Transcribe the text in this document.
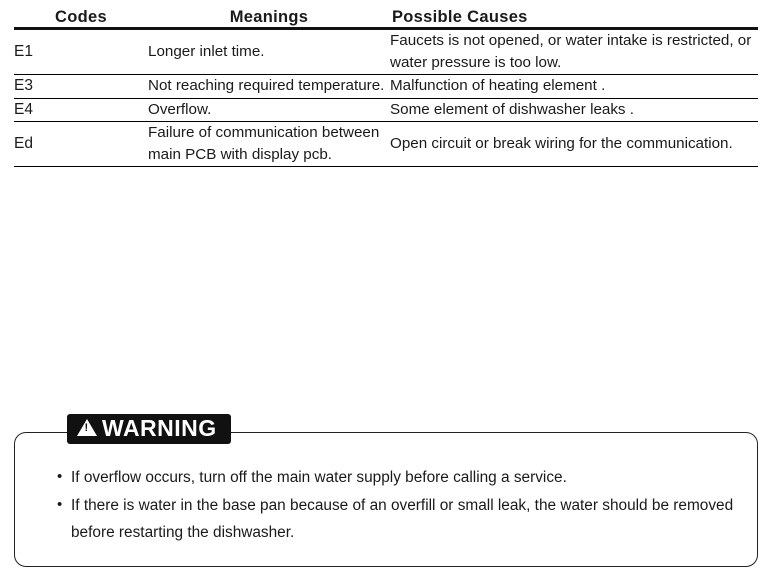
Codes	Meanings	Possible Causes
E1	Longer inlet time.	Faucets is not opened, or water intake is restricted, or water pressure is too low.
E3	Not reaching required temperature.	Malfunction of heating element .
E4	Overflow.	Some element of dishwasher leaks .
Ed	Failure of communication between main PCB with display pcb.	Open circuit or break wiring for the communication.
!
WARNING
• If overflow occurs, turn off the main water supply before calling a service.
• If there is water in the base pan because of an overfill or small leak, the water should be removed before restarting the dishwasher.
